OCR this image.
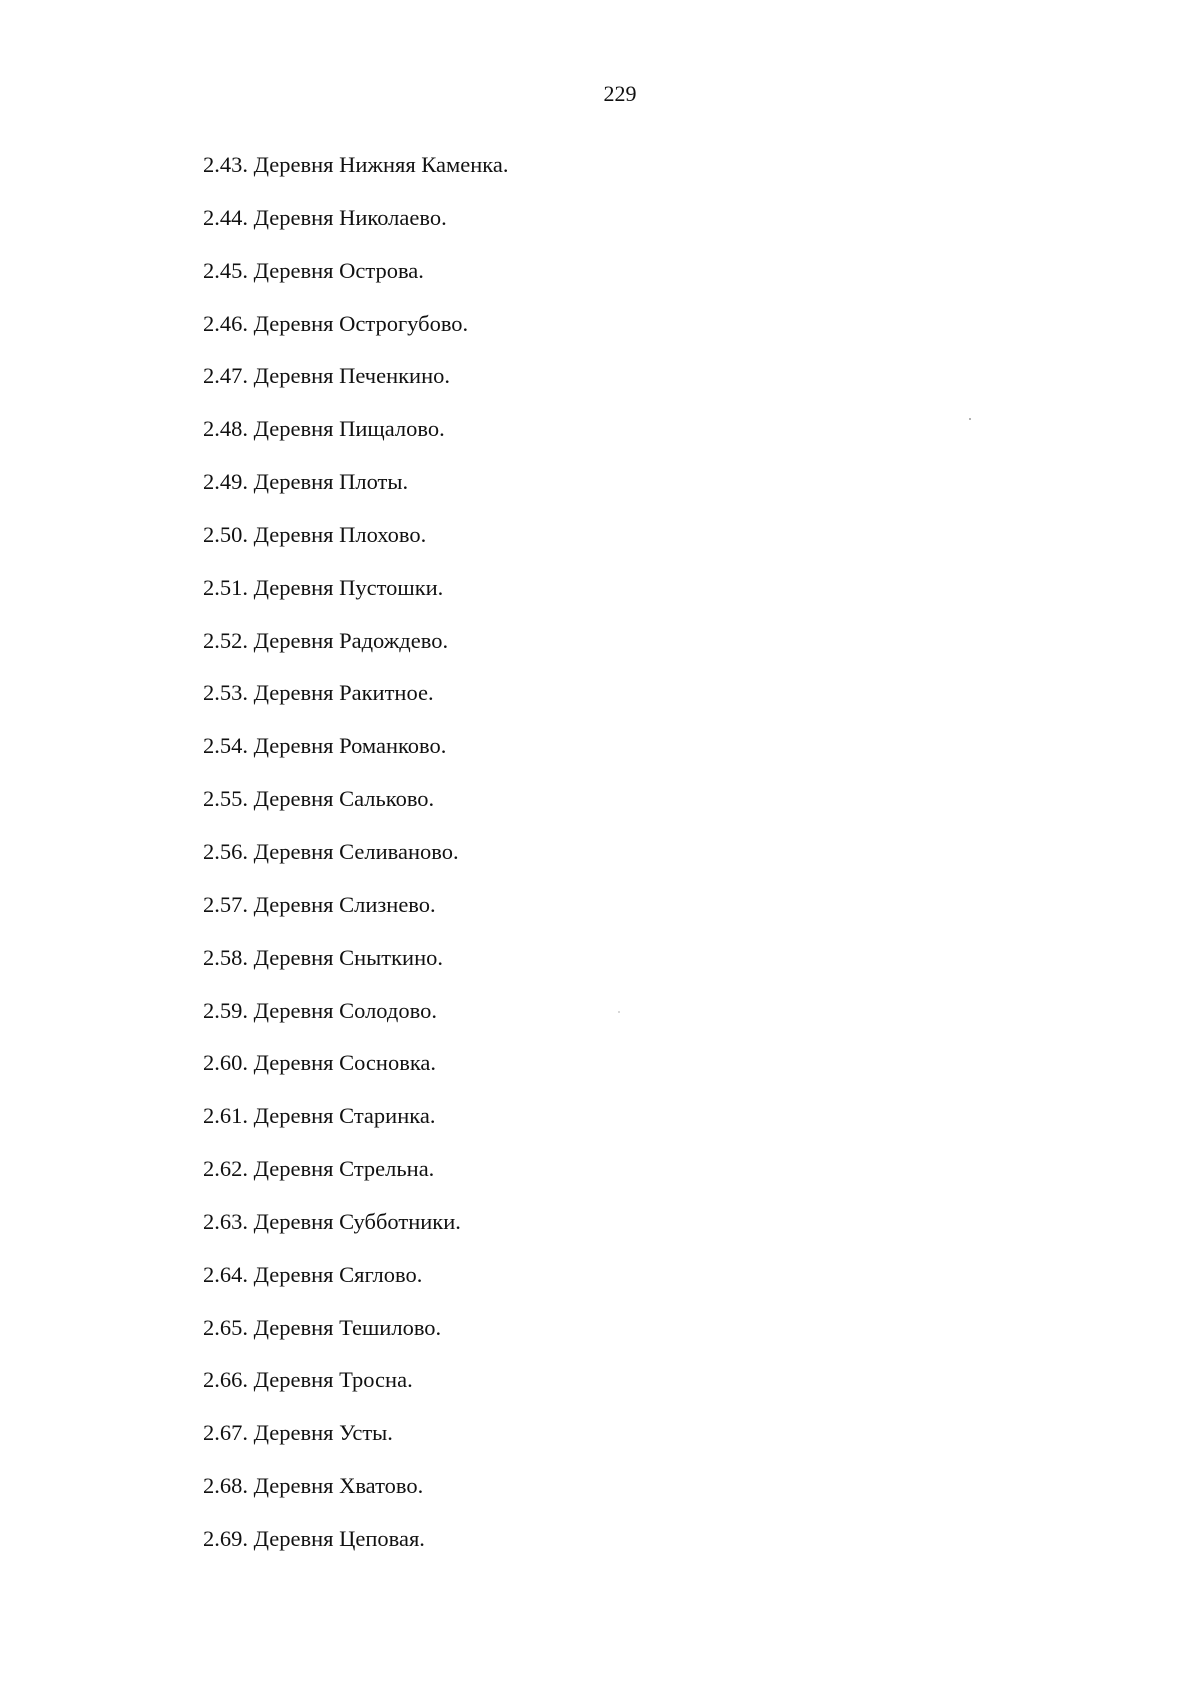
229
2.43. Деревня Нижняя Каменка.
2.44. Деревня Николаево.
2.45. Деревня Острова.
2.46. Деревня Острогубово.
2.47. Деревня Печенкино.
2.48. Деревня Пищалово.
2.49. Деревня Плоты.
2.50. Деревня Плохово.
2.51. Деревня Пустошки.
2.52. Деревня Радождево.
2.53. Деревня Ракитное.
2.54. Деревня Романково.
2.55. Деревня Сальково.
2.56. Деревня Селиваново.
2.57. Деревня Слизнево.
2.58. Деревня Сныткино.
2.59. Деревня Солодово.
2.60. Деревня Сосновка.
2.61. Деревня Старинка.
2.62. Деревня Стрельна.
2.63. Деревня Субботники.
2.64. Деревня Сяглово.
2.65. Деревня Тешилово.
2.66. Деревня Тросна.
2.67. Деревня Усты.
2.68. Деревня Хватово.
2.69. Деревня Цеповая.
